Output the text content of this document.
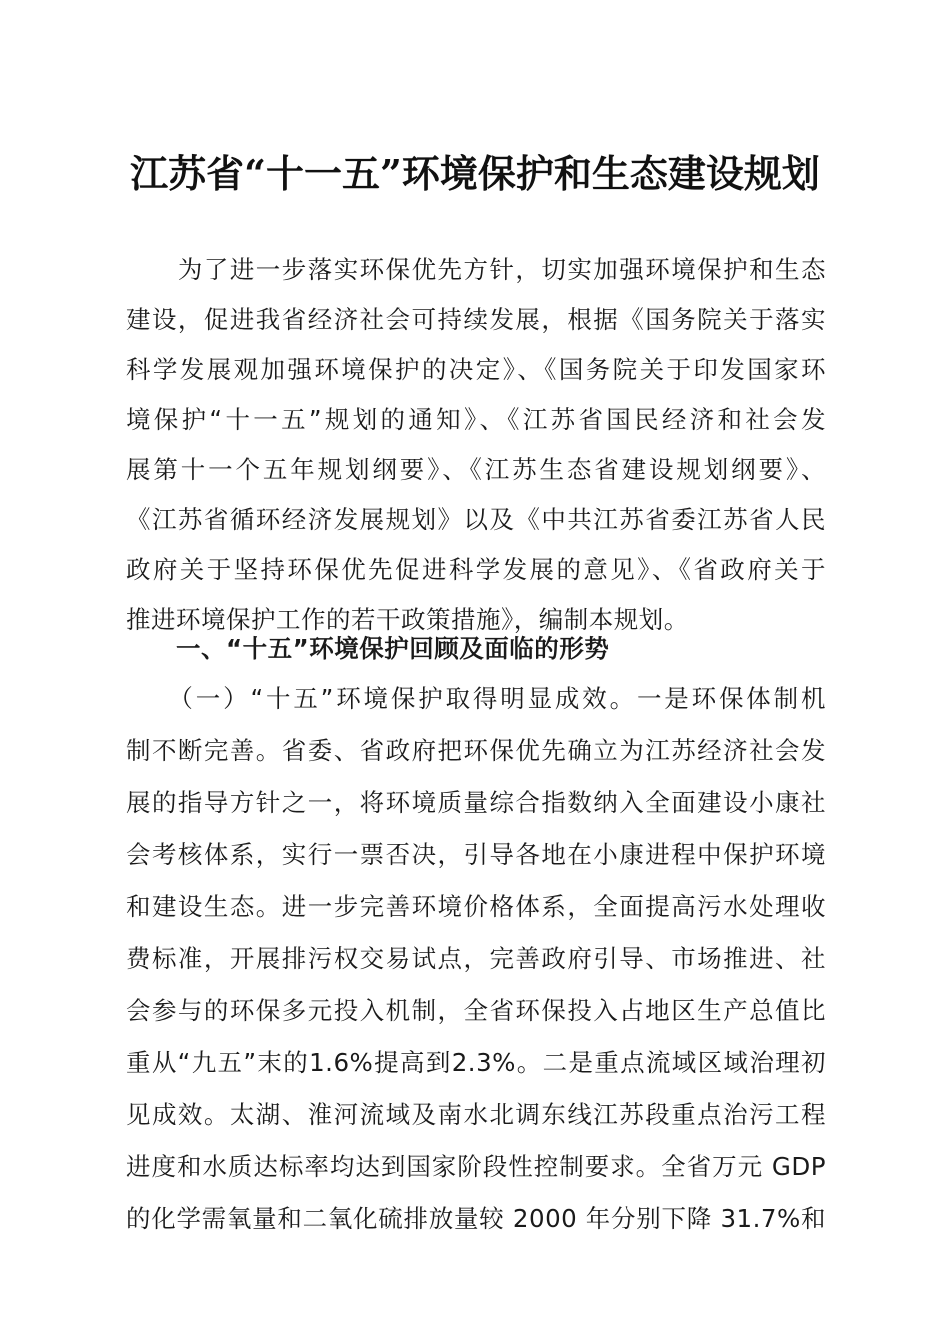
江苏省“十一五”环境保护和生态建设规划
　　为了进一步落实环保优先方针，切实加强环境保护和生态
建设，促进我省经济社会可持续发展，根据《国务院关于落实
科学发展观加强环境保护的决定》、《国务院关于印发国家环
境保护“十一五”规划的通知》、《江苏省国民经济和社会发
展第十一个五年规划纲要》、《江苏生态省建设规划纲要》、
《江苏省循环经济发展规划》以及《中共江苏省委江苏省人民
政府关于坚持环保优先促进科学发展的意见》、《省政府关于
推进环境保护工作的若干政策措施》，编制本规划。
　　一、“十五”环境保护回顾及面临的形势
　　（一）“十五”环境保护取得明显成效。一是环保体制机
制不断完善。省委、省政府把环保优先确立为江苏经济社会发
展的指导方针之一，将环境质量综合指数纳入全面建设小康社
会考核体系，实行一票否决，引导各地在小康进程中保护环境
和建设生态。进一步完善环境价格体系，全面提高污水处理收
费标准，开展排污权交易试点，完善政府引导、市场推进、社
会参与的环保多元投入机制，全省环保投入占地区生产总值比
重从“九五”末的1.6%提高到2.3%。二是重点流域区域治理初
见成效。太湖、淮河流域及南水北调东线江苏段重点治污工程
进度和水质达标率均达到国家阶段性控制要求。全省万元 GDP
的化学需氧量和二氧化硫排放量较 2000 年分别下降 31.7%和
